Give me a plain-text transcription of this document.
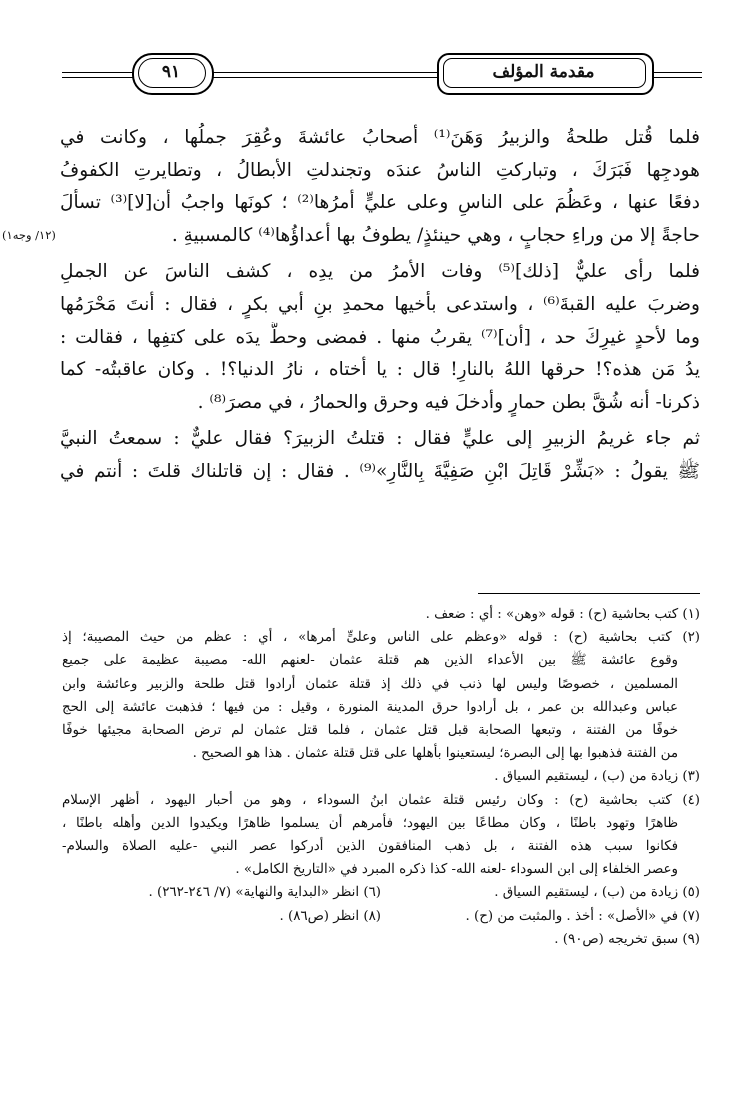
٩١	مقدمة المؤلف
(١٢/ وجه١)
فلما قُتل طلحةُ والزبيرُ وَهَنَ⁽¹⁾ أصحابُ عائشةَ وعُقِرَ جملُها ، وكانت في
هودجِها فَبَرَكَ ، وتباركتِ الناسُ عندَه وتجندلتِ الأبطالُ ، وتطايرتِ الكفوفُ
دفعًا عنها ، وعَظُمَ على الناسِ وعلى عليٍّ أمرُها⁽²⁾ ؛ كونَها واجبُ أن[لا]⁽³⁾ تسألَ
حاجةً إلا من وراءِ حجابٍ ، وهي حينئذٍ/ يطوفُ بها أعداؤُها⁽⁴⁾ كالمسبيةِ .
فلما رأى عليٌّ [ذلك]⁽⁵⁾ وفات الأمرُ من يدِه ، كشف الناسَ عن الجملِ
وضربَ عليه القبةَ⁽⁶⁾ ، واستدعى بأخيها محمدِ بنِ أبي بكرٍ ، فقال : أنتَ مَحْرَمُها
وما لأحدٍ غيرِكَ حد ، [أن]⁽⁷⁾ يقربُ منها . فمضى وحطَّ يدَه على كتفِها ، فقالت :
يدُ مَن هذه؟! حرقها اللهُ بالنارِ! قال : يا أختاه ، نارُ الدنيا؟! . وكان عاقبتُه- كما
ذكرنا- أنه شُقَّ بطن حمارٍ وأدخلَ فيه وحرق والحمارُ ، في مصرَ⁽⁸⁾ .
ثم جاء غريمُ الزبيرِ إلى عليٍّ فقال : قتلتُ الزبيرَ؟ فقال عليٌّ : سمعتُ النبيَّ
ﷺ يقولُ : «بَشِّرْ قَاتِلَ ابْنِ صَفِيَّةَ بِالنَّارِ»⁽⁹⁾ . فقال : إن قاتلناك قلتَ : أنتم في
(١) كتب بحاشية (ح) : قوله «وهن» : أي : ضعف .
(٢) كتب بحاشية (ح) : قوله «وعظم على الناس وعلىٍّ أمرها» ، أي : عظم من حيث المصيبة؛ إذ
وقوع عائشة ﷺ بين الأعداء الذين هم قتلة عثمان -لعنهم الله- مصيبة عظيمة على جميع
المسلمين ، خصوصًا وليس لها ذنب في ذلك إذ قتلة عثمان أرادوا قتل طلحة والزبير وعائشة وابن
عباس وعبدالله بن عمر ، بل أرادوا حرق المدينة المنورة ، وقيل : من فيها ؛ فذهبت عائشة إلى الحج
خوفًا من الفتنة ، وتبعها الصحابة قبل قتل عثمان ، فلما قتل عثمان لم ترض الصحابة مجيئها خوفًا
من الفتنة فذهبوا بها إلى البصرة؛ ليستعينوا بأهلها على قتل قتلة عثمان . هذا هو الصحيح .
(٣) زيادة من (ب) ، ليستقيم السياق .
(٤) كتب بحاشية (ح) : وكان رئيس قتلة عثمان ابنُ السوداء ، وهو من أحبار اليهود ، أظهر الإسلام
ظاهرًا وتهود باطنًا ، وكان مطاعًا بين اليهود؛ فأمرهم أن يسلموا ظاهرًا ويكيدوا الدين وأهله باطنًا ،
فكانوا سبب هذه الفتنة ، بل ذهب المنافقون الذين أدركوا عصر النبي -عليه الصلاة والسلام-
وعصر الخلفاء إلى ابن السوداء -لعنه الله- كذا ذكره المبرد في «التاريخ الكامل» .
(٥) زيادة من (ب) ، ليستقيم السياق .
(٦) انظر «البداية والنهاية» (٧/ ٢٤٦-٢٦٢) .
(٧) في «الأصل» : أخذ . والمثبت من (ح) .
(٨) انظر (ص٨٦) .
(٩) سبق تخريجه (ص٩٠) .
